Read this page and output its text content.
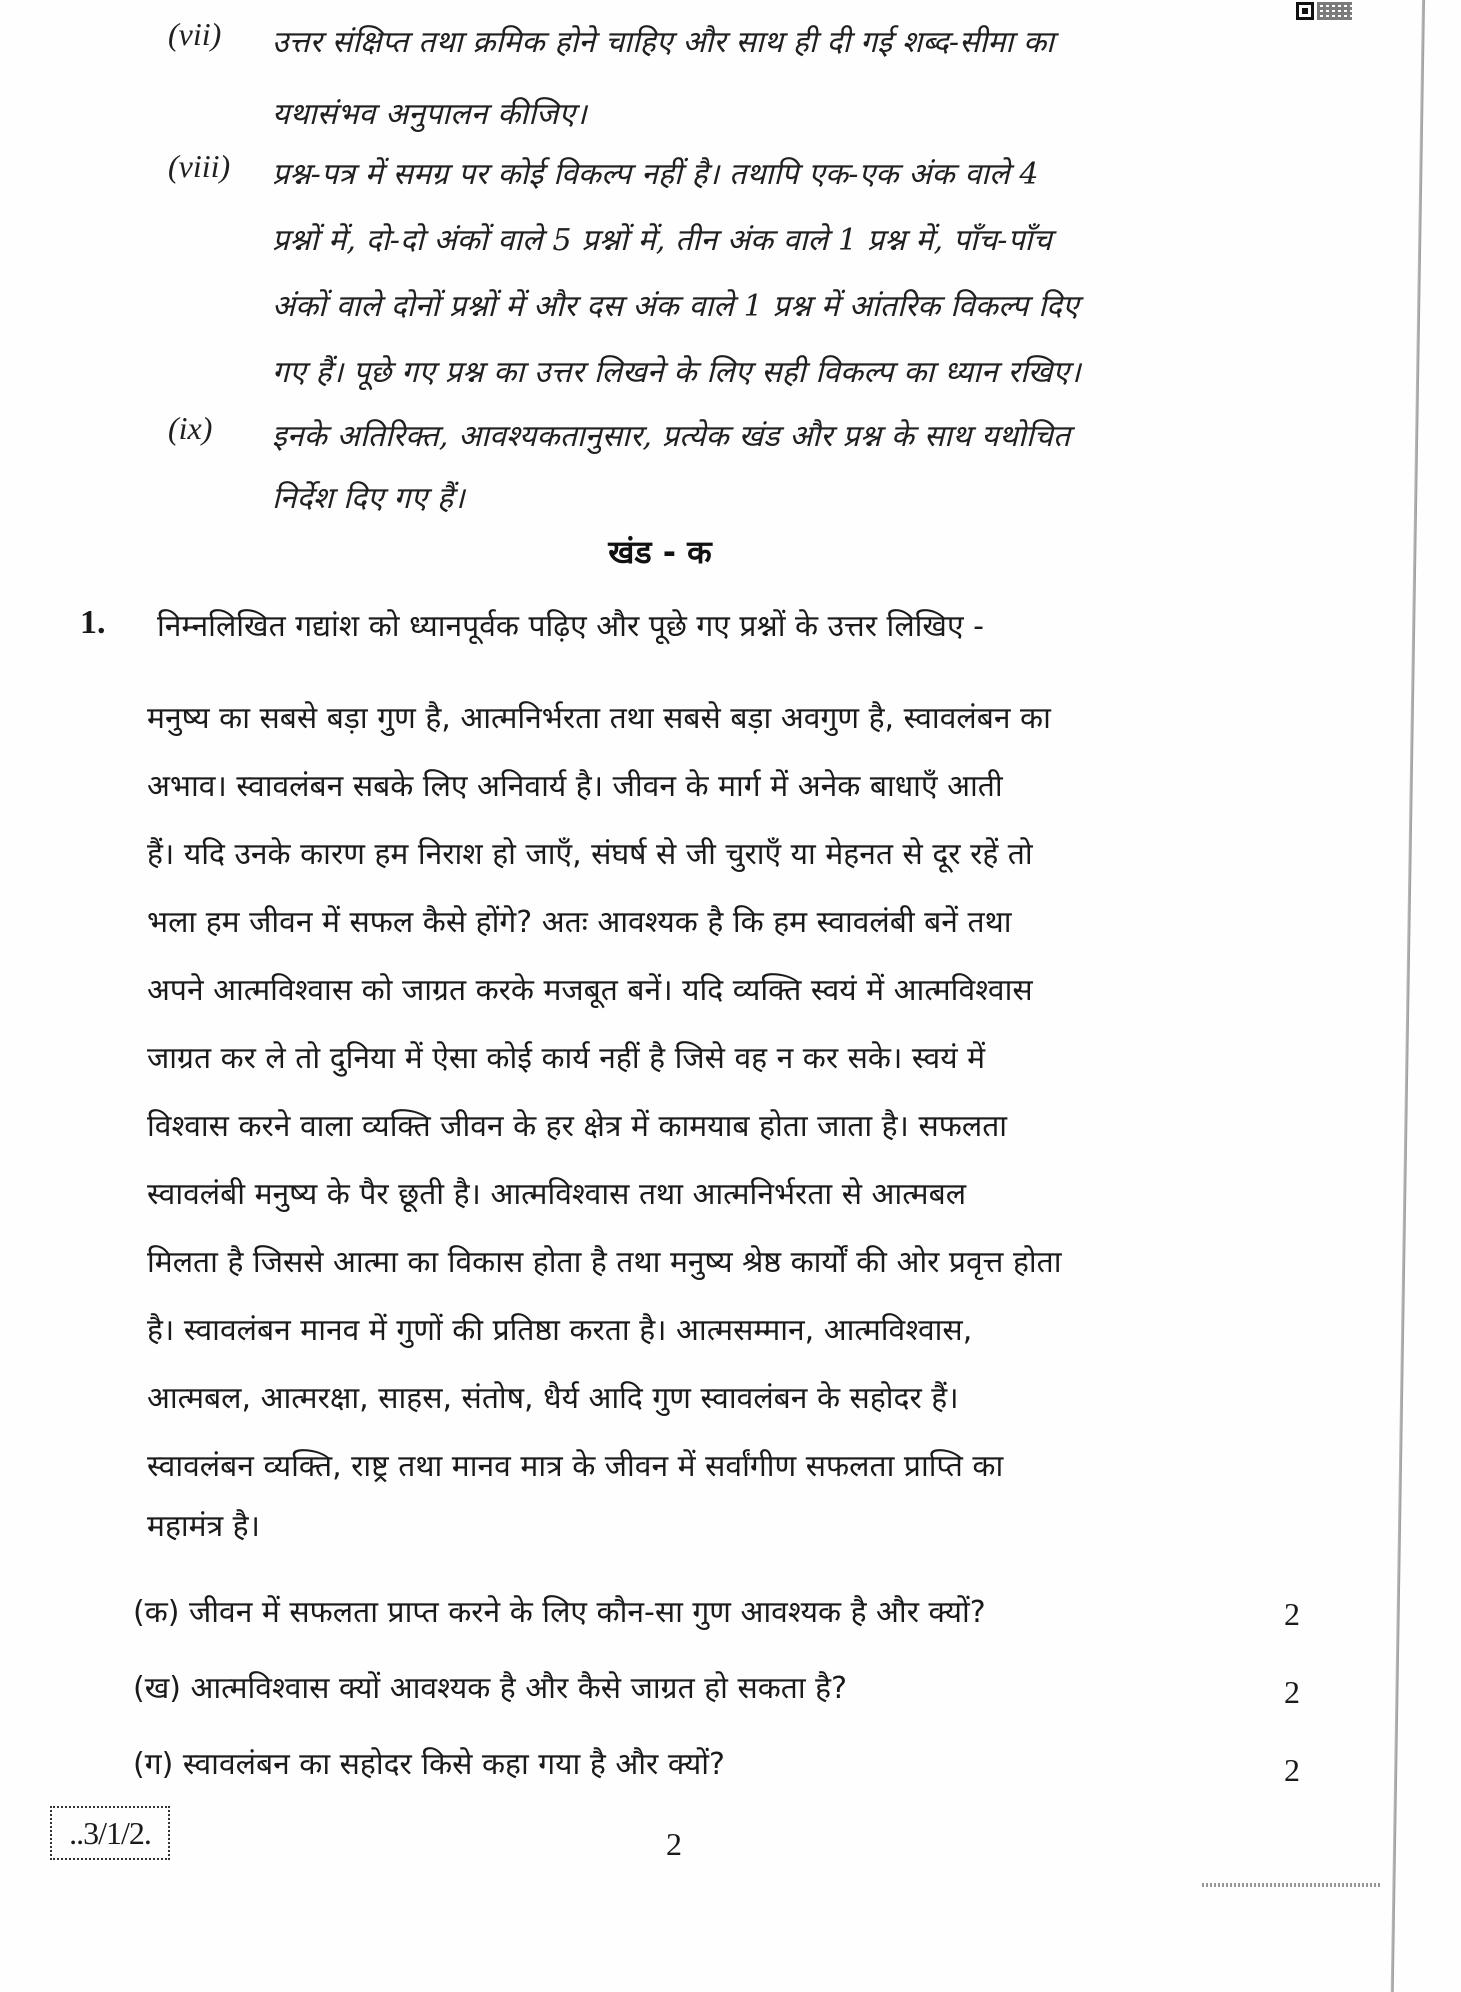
(vii) उत्तर संक्षिप्त तथा क्रमिक होने चाहिए और साथ ही दी गई शब्द-सीमा का
यथासंभव अनुपालन कीजिए।
(viii) प्रश्न-पत्र में समग्र पर कोई विकल्प नहीं है। तथापि एक-एक अंक वाले 4
प्रश्नों में, दो-दो अंकों वाले 5 प्रश्नों में, तीन अंक वाले 1 प्रश्न में, पाँच-पाँच
अंकों वाले दोनों प्रश्नों में और दस अंक वाले 1 प्रश्न में आंतरिक विकल्प दिए
गए हैं। पूछे गए प्रश्न का उत्तर लिखने के लिए सही विकल्प का ध्यान रखिए।
(ix) इनके अतिरिक्त, आवश्यकतानुसार, प्रत्येक खंड और प्रश्न के साथ यथोचित
निर्देश दिए गए हैं।
खंड - क
1. निम्नलिखित गद्यांश को ध्यानपूर्वक पढ़िए और पूछे गए प्रश्नों के उत्तर लिखिए -
मनुष्य का सबसे बड़ा गुण है, आत्मनिर्भरता तथा सबसे बड़ा अवगुण है, स्वावलंबन का
अभाव। स्वावलंबन सबके लिए अनिवार्य है। जीवन के मार्ग में अनेक बाधाएँ आती
हैं। यदि उनके कारण हम निराश हो जाएँ, संघर्ष से जी चुराएँ या मेहनत से दूर रहें तो
भला हम जीवन में सफल कैसे होंगे? अतः आवश्यक है कि हम स्वावलंबी बनें तथा
अपने आत्मविश्वास को जाग्रत करके मजबूत बनें। यदि व्यक्ति स्वयं में आत्मविश्वास
जाग्रत कर ले तो दुनिया में ऐसा कोई कार्य नहीं है जिसे वह न कर सके। स्वयं में
विश्वास करने वाला व्यक्ति जीवन के हर क्षेत्र में कामयाब होता जाता है। सफलता
स्वावलंबी मनुष्य के पैर छूती है। आत्मविश्वास तथा आत्मनिर्भरता से आत्मबल
मिलता है जिससे आत्मा का विकास होता है तथा मनुष्य श्रेष्ठ कार्यों की ओर प्रवृत्त होता
है। स्वावलंबन मानव में गुणों की प्रतिष्ठा करता है। आत्मसम्मान, आत्मविश्वास,
आत्मबल, आत्मरक्षा, साहस, संतोष, धैर्य आदि गुण स्वावलंबन के सहोदर हैं।
स्वावलंबन व्यक्ति, राष्ट्र तथा मानव मात्र के जीवन में सर्वांगीण सफलता प्राप्ति का
महामंत्र है।
(क) जीवन में सफलता प्राप्त करने के लिए कौन-सा गुण आवश्यक है और क्यों?	2
(ख) आत्मविश्वास क्यों आवश्यक है और कैसे जाग्रत हो सकता है?	2
(ग) स्वावलंबन का सहोदर किसे कहा गया है और क्यों?	2
..3/1/2.	2
